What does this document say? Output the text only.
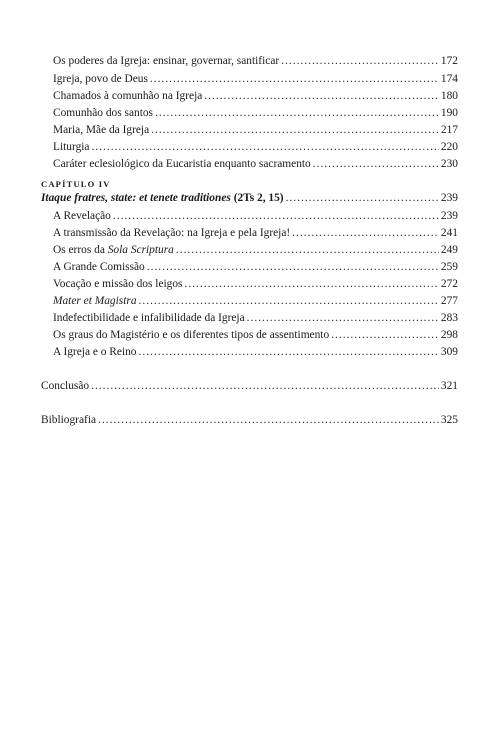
Os poderes da Igreja: ensinar, governar, santificar .....	172
Igreja, povo de Deus .....	174
Chamados à comunhão na Igreja .....	180
Comunhão dos santos .....	190
Maria, Mãe da Igreja .....	217
Liturgia .....	220
Caráter eclesiológico da Eucaristia enquanto sacramento .....	230
CAPÍTULO IV
Itaque fratres, state: et tenete traditiones (2Ts 2, 15) .....	239
A Revelação .....	239
A transmissão da Revelação: na Igreja e pela Igreja! .....	241
Os erros da Sola Scriptura .....	249
A Grande Comissão .....	259
Vocação e missão dos leigos .....	272
Mater et Magistra .....	277
Indefectibilidade e infalibilidade da Igreja .....	283
Os graus do Magistério e os diferentes tipos de assentimento .....	298
A Igreja e o Reino .....	309
Conclusão .....	321
Bibliografia .....	325
